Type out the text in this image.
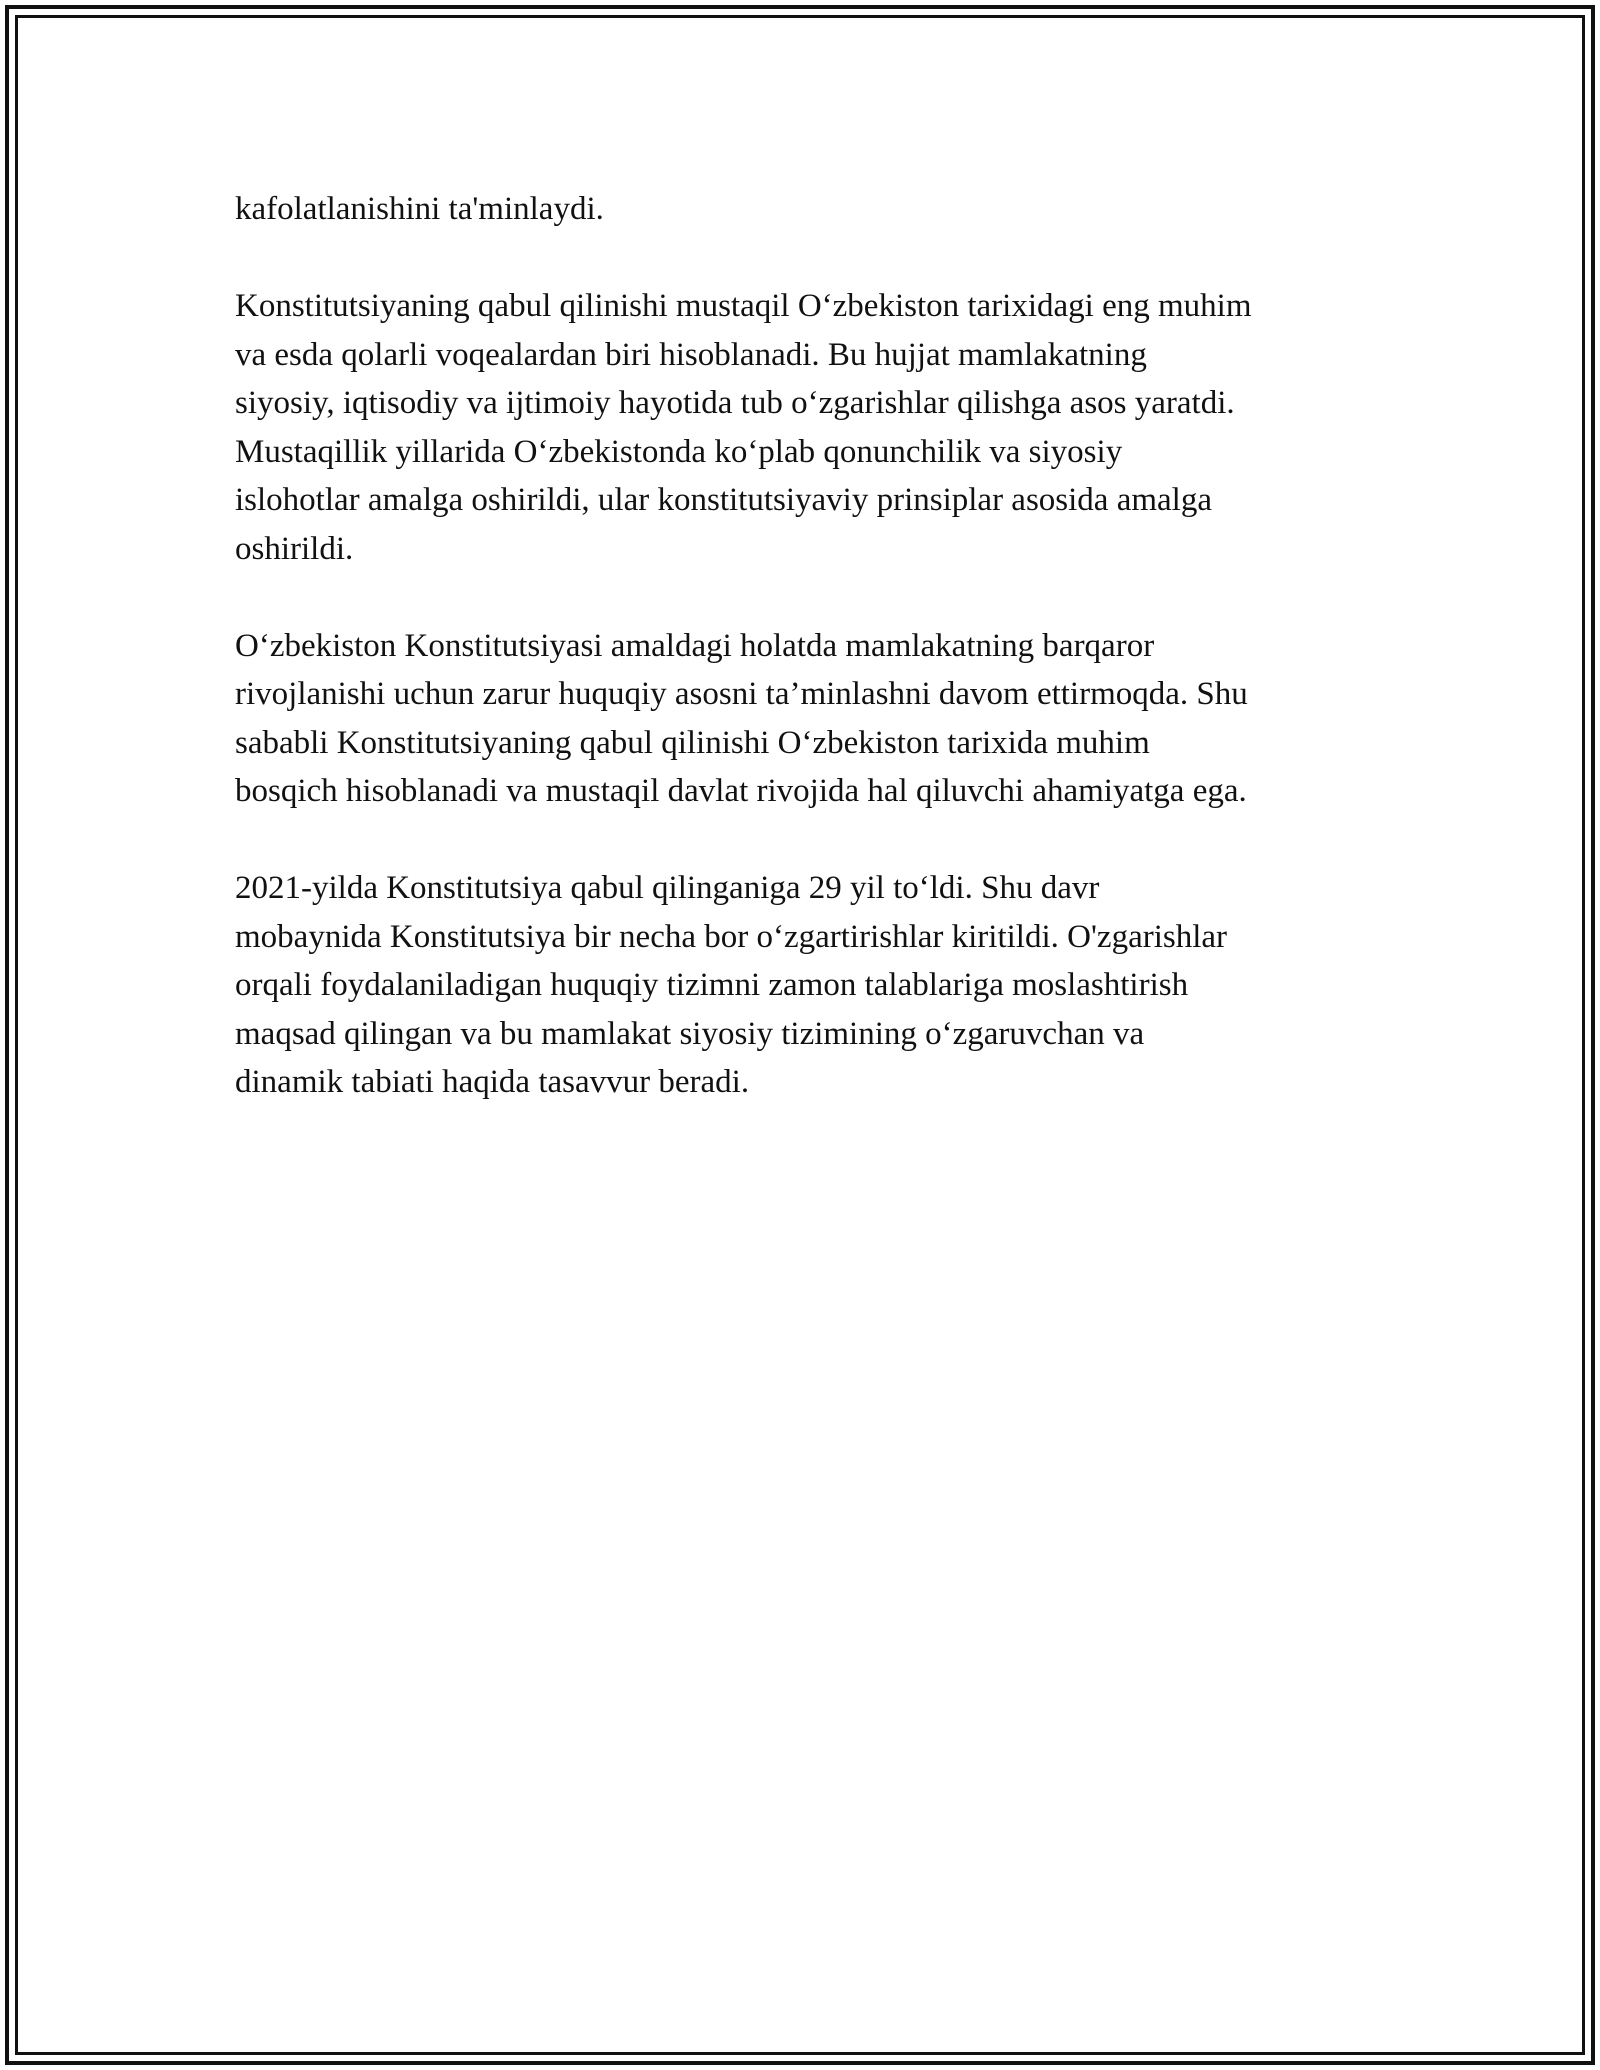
kafolatlanishini ta'minlaydi.

Konstitutsiyaning qabul qilinishi mustaqil O‘zbekiston tarixidagi eng muhim
va esda qolarli voqealardan biri hisoblanadi. Bu hujjat mamlakatning
siyosiy, iqtisodiy va ijtimoiy hayotida tub o‘zgarishlar qilishga asos yaratdi.
Mustaqillik yillarida O‘zbekistonda ko‘plab qonunchilik va siyosiy
islohotlar amalga oshirildi, ular konstitutsiyaviy prinsiplar asosida amalga
oshirildi.

O‘zbekiston Konstitutsiyasi amaldagi holatda mamlakatning barqaror
rivojlanishi uchun zarur huquqiy asosni ta’minlashni davom ettirmoqda. Shu
sababli Konstitutsiyaning qabul qilinishi O‘zbekiston tarixida muhim
bosqich hisoblanadi va mustaqil davlat rivojida hal qiluvchi ahamiyatga ega.

2021-yilda Konstitutsiya qabul qilinganiga 29 yil to‘ldi. Shu davr
mobaynida Konstitutsiya bir necha bor o‘zgartirishlar kiritildi. O'zgarishlar
orqali foydalaniladigan huquqiy tizimni zamon talablariga moslashtirish
maqsad qilingan va bu mamlakat siyosiy tizimining o‘zgaruvchan va
dinamik tabiati haqida tasavvur beradi.
